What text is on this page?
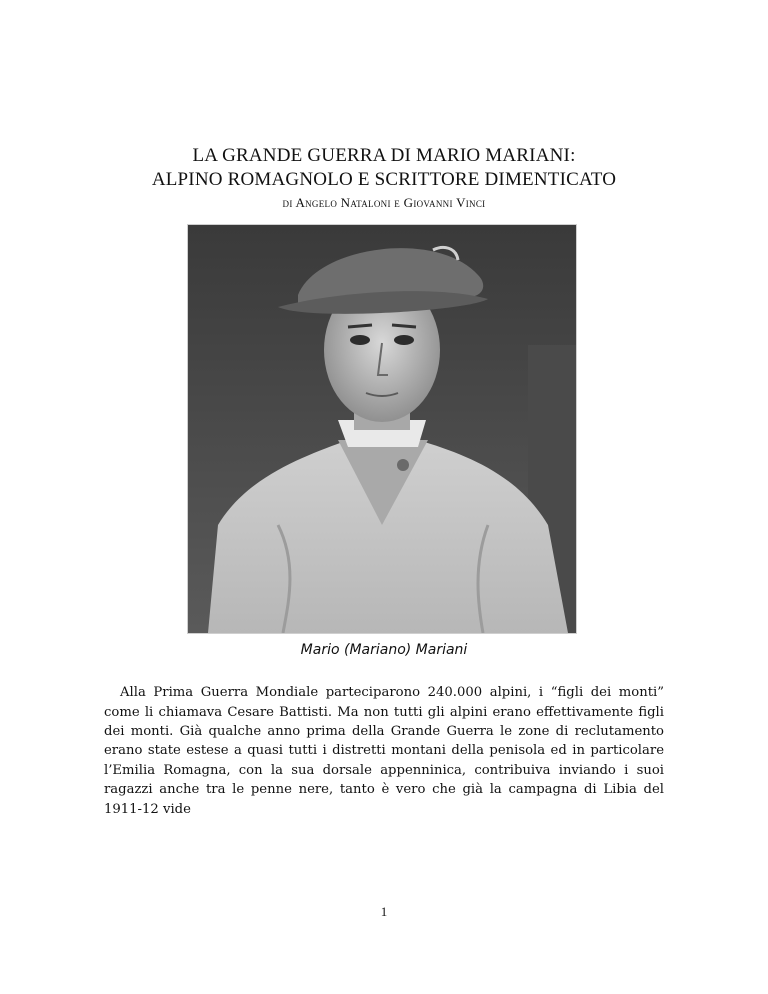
LA GRANDE GUERRA DI MARIO MARIANI:
ALPINO ROMAGNOLO E SCRITTORE DIMENTICATO
di Angelo Nataloni e Giovanni Vinci
Mario (Mariano) Mariani

Alla Prima Guerra Mondiale parteciparono 240.000 alpini, i “figli dei monti” come li chiamava Cesare Battisti. Ma non tutti gli alpini erano effettivamente figli dei monti. Già qualche anno prima della Grande Guerra le zone di reclutamento erano state estese a quasi tutti i distretti montani della penisola ed in particolare l’Emilia Romagna, con la sua dorsale appenninica, contribuiva inviando i suoi ragazzi anche tra le penne nere, tanto è vero che già la campagna di Libia del 1911-12 vide

1
